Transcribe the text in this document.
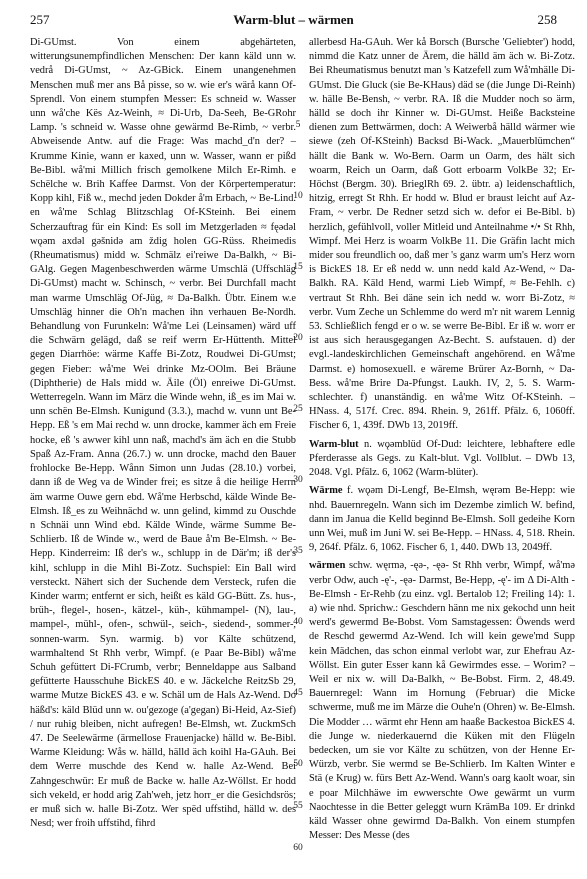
257	Warm-blut – wärmen	258

Di-GUmst. Von einem abgehärteten, witterungsunempfindlichen Menschen: Der kann käld unn w. vedrå Di-GUmst, ~ Az-GBick. Einem unangenehmen Menschen muß mer ans Bå pisse, so w. wie er's wärå kann Of-Sprendl. Von einem stumpfen Messer: Es schneid w. Wasser unn wå'che Kës Az-Weinh, ≈ Di-Urb, Da-Seeh, Be-GRohr Lamp. 's schneid w. Wasse ohne gewärmd Be-Rimb, ~ verbr. Abweisende Antw. auf die Frage: Was machd_d'n der? – Krumme Kinie, wann er kaxed, unn w. Wasser, wann er pißd Be-Bibl. wå'mi Millich frisch gemolkene Milch Er-Rimh. e Schëlche w. Brih Kaffee Darmst. Von der Körpertemperatur: Kopp kihl, Fiß w., mechd jeden Dokder å'm Erbach, ~ Be-Lind. en wå'me Schlag Blitzschlag Of-KSteinh. Bei einem Scherzauftrag für ein Kind: Es soll im Metzgerladen ≈ fęədəl wǫəm axdəl gǝšnidə am ždig holen GG-Rüss. Rheimedis (Rheumatismus) midd w. Schmälz ei'reiwe Da-Balkh, ~ Bi-GAlg. Gegen Magenbeschwerden wärme Umschlä (Uffschläg Di-GUmst) macht w. Schinsch, ~ verbr. Bei Durchfall macht man warme Umschläg Of-Jüg, ≈ Da-Balkh. Übtr. Einem w.e Umschläg hinner die Oh'n machen ihn verhauen Be-Nordh. Behandlung von Furunkeln: Wå'me Lei (Leinsamen) wärd uff die Schwärn gelägd, daß se reif werrn Er-Hüttenth. Mittel gegen Diarrhöe: wärme Kaffe Bi-Zotz, Roudwei Di-GUmst; gegen Fieber: wå'me Wei drinke Mz-OOlm. Bei Bräune (Diphtherie) de Hals midd w. Äile (Öl) enreiwe Di-GUmst. Wetterregeln. Wann im März die Winde wehn, iß_es im Mai w. unn schën Be-Elmsh. Kunigund (3.3.), machd w. vunn unt Be-Hepp. Eß 's em Mai rechd w. unn drocke, kammer äch em Freie hocke, eß 's awwer kihl unn naß, machd's äm äch en die Stubb Spaß Az-Fram. Anna (26.7.) w. unn drocke, machd den Bauer frohlocke Be-Hepp. Wånn Simon unn Judas (28.10.) vorbei, dann iß de Weg va de Winder frei; es sitze å die heilige Herrn äm warme Ouwe gern ebd. Wå'me Herbschd, kälde Winde Be-Elmsh. Iß_es zu Weihnächd w. unn gelind, kimmd zu Ouschde n Schnäi unn Wind ebd. Kälde Winde, wärme Summe Be-Schlierb. Iß de Winde w., werd de Baue å'm Be-Elmsh. ~ Be-Hepp. Kinderreim: Iß der's w., schlupp in de Där'm; iß der's kihl, schlupp in die Mihl Bi-Zotz. Suchspiel: Ein Ball wird versteckt. Nähert sich der Suchende dem Versteck, rufen die Kinder warm; entfernt er sich, heißt es käld GG-Bütt. Zs. hus-, brüh-, flegel-, hosen-, kätzel-, küh-, kühmampel- (N), lau-, mampel-, mühl-, ofen-, schwül-, seich-, siedend-, sommer-, sonnen-warm. Syn. warmig. b) vor Kälte schützend, warmhaltend St Rhh verbr, Wimpf. (e Paar Be-Bibl) wå'me Schuh gefüttert Di-FCrumb, verbr; Benneldappe aus Salband gefütterte Hausschuhe BickES 40. e w. Jäckelche ReitzSb 29, warme Mutze BickES 43. e w. Schäl um de Hals Az-Wend. Do häßd's: käld Blüd unn w. ou'gezoge (a'gegan) Bi-Heid, Az-Sief) / nur ruhig bleiben, nicht aufregen! Be-Elmsh, wt. ZuckmSch 47. De Seelewärme (ärmellose Frauenjacke) hälld w. Be-Bibl. Warme Kleidung: Wås w. hälld, hälld äch koihl Ha-GAuh. Bei dem Werre muschde des Kend w. halle Az-Wend. Bei Zahngeschwür: Er muß de Backe w. halle Az-Wöllst. Er hodd sich vekeld, er hodd arig Zah'weh, jetz horr_er die Gesichdsrös; er muß sich w. halle Bi-Zotz. Wer spëd uffstihd, hälld w. des Nesd; wer froih uffstihd, fihrd

5
10
15
20
25
30
35
40
45
50
55
60

allerbesd Ha-GAuh. Wer kå Borsch (Bursche 'Geliebter') hodd, nimmd die Katz unner de Ärem, die hälld äm äch w. Bi-Zotz. Bei Rheumatismus benutzt man 's Katzefell zum Wå'mhälle Di-GUmst. Die Gluck (sie Be-KHaus) däd se (die Junge Di-Reinh) w. hälle Be-Bensh, ~ verbr. RA. Iß die Mudder noch so ärm, hälld se doch ihr Kinner w. Di-GUmst. Heiße Backsteine dienen zum Bettwärmen, doch: A Weiwerbå hälld wärmer wie siewe (zeh Of-KSteinh) Backsd Bi-Wack. „Mauerblümchen“ hällt die Bank w. Wo-Bern. Oarm un Oarm, des hält sich woarm, Reich un Oarm, daß Gott erboarm VolkBe 32; Er-Höchst (Bergm. 30). BrieglRh 69. 2. übtr. a) leidenschaftlich, hitzig, erregt St Rhh. Er hodd w. Blud er braust leicht auf Az-Fram, ~ verbr. De Redner setzd sich w. defor ei Be-Bibl. b) herzlich, gefühlvoll, voller Mitleid und Anteilnahme •/• St Rhh, Wimpf. Mei Herz is woarm VolkBe 11. Die Gräfin lacht mich mider sou freundlich oo, daß mer 's ganz warm um's Herz worn is BickES 18. Er eß nedd w. unn nedd kald Az-Wend, ~ Da-Balkh. RA. Käld Hend, warmi Lieb Wimpf, ≈ Be-Fehlh. c) vertraut St Rhh. Bei däne sein ich nedd w. worr Bi-Zotz, ≈ verbr. Vum Zeche un Schlemme do werd m'r nit warem Lennig 53. Schließlich fengd er o w. se werre Be-Bibl. Er iß w. worr er ist aus sich herausgegangen Az-Becht. S. aufstauen. d) der evgl.-landeskirchlichen Gemeinschaft angehörend. en Wå'me Darmst. e) homosexuell. e wäreme Brürer Az-Bornh, ~ Da-Bess. wå'me Brire Da-Pfungst. Laukh. IV, 2, 5. S. Warm-schlechter. f) unanständig. en wå'me Witz Of-KSteinh. – HNass. 4, 517f. Crec. 894. Rhein. 9, 261ff. Pfälz. 6, 1060ff. Fischer 6, 1, 439f. DWb 13, 2019ff.

Warm-blut n. wǫəmblüd Of-Dud: leichtere, lebhaftere edle Pferderasse als Gegs. zu Kalt-blut. Vgl. Vollblut. – DWb 13, 2048. Vgl. Pfälz. 6, 1062 (Warm-blüter).

Wärme f. wǫəm Di-Lengf, Be-Elmsh, węrəm Be-Hepp: wie nhd. Bauernregeln. Wann sich im Dezembe zimlich W. befind, dann im Janua die Kelld beginnd Be-Elmsh. Soll gedeihe Korn unn Wei, muß im Juni W. sei Be-Hepp. – HNass. 4, 518. Rhein. 9, 264f. Pfälz. 6, 1062. Fischer 6, 1, 440. DWb 13, 2049ff.

wärmen schw. węrmə, -ęə-, -ęə- St Rhh verbr, Wimpf, wå'mə verbr Odw, auch -ę'-, -ęə- Darmst, Be-Hepp, -ę'- im Δ Di-Alth - Be-Elmsh - Er-Rehb (zu einz. vgl. Bertalob 12; Freiling 14): 1. a) wie nhd. Sprichw.: Geschdern hänn me nix gekochd unn heit werd's gewermd Be-Bobst. Vom Samstagessen: Öwends werd de Reschd gewermd Az-Wend. Ich will kein gewe'md Supp kein Mädchen, das schon einmal verlobt war, zur Ehefrau Az-Wöllst. Ein guter Esser kann kå Gewirmdes esse. – Worim? – Weil er nix w. will Da-Balkh, ~ Be-Bobst. Firm. 2, 48.49. Bauernregel: Wann im Hornung (Februar) die Micke schwerme, muß me im Märze die Ouhe'n (Ohren) w. Be-Elmsh. Die Modder … wärmt ehr Henn am haaße Backestoa BickES 4. die Junge w. niederkauernd die Küken mit den Flügeln bedecken, um sie vor Kälte zu schützen, von der Henne Er-Würzb, verbr. Sie wermd se Be-Schlierb. Im Kalten Winter e Stä (e Krug) w. fürs Bett Az-Wend. Wann's oarg kaolt woar, sin e poar Milchhäwe im ewwerschte Owe gewärmt un vurm Naochtesse in die Better geleggt wurn KrämBa 109. Er drinkd käld Wasser ohne gewirmd Da-Balkh. Von einem stumpfen Messer: Des Messe (des
